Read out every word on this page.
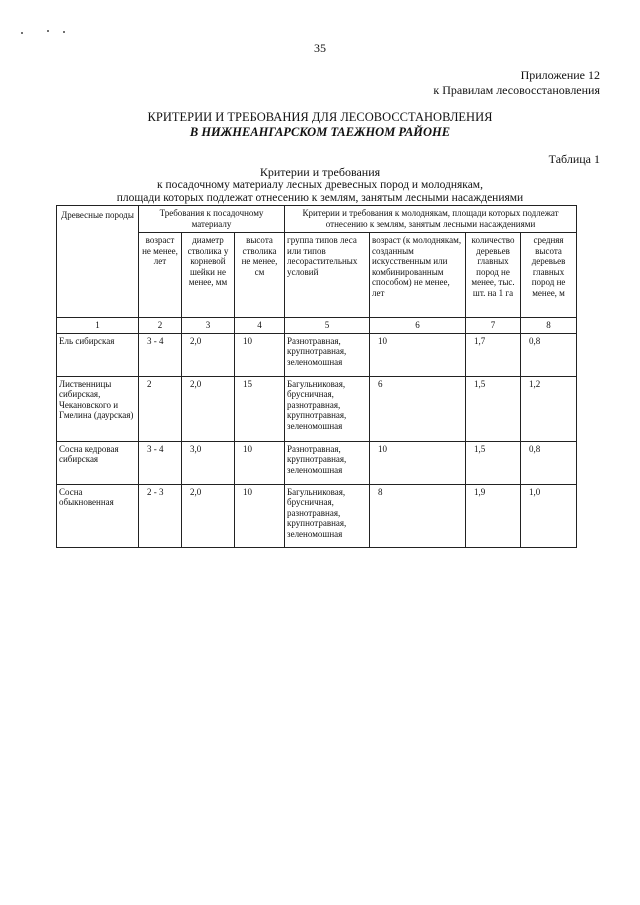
35
Приложение 12
к Правилам лесовосстановления
КРИТЕРИИ И ТРЕБОВАНИЯ ДЛЯ ЛЕСОВОССТАНОВЛЕНИЯ
В НИЖНЕАНГАРСКОМ ТАЕЖНОМ РАЙОНЕ
Таблица 1
Критерии и требования
к посадочному материалу лесных древесных пород и молоднякам,
площади которых подлежат отнесению к землям, занятым лесными насаждениями
Древесные породы	Требования к посадочному материалу			Критерии и требования к молоднякам, площади которых подлежат отнесению к землям, занятым лесными насаждениями			
	возраст не менее, лет	диаметр стволика у корневой шейки не менее, мм	высота стволика не менее, см	группа типов леса или типов лесорастительных условий	возраст (к молоднякам, созданным искусственным или комбинированным способом) не менее, лет	количество деревьев главных пород не менее, тыс. шт. на 1 га	средняя высота деревьев главных пород не менее, м
1	2	3	4	5	6	7	8
Ель сибирская	3 - 4	2,0	10	Разнотравная, крупнотравная, зеленомошная	10	1,7	0,8
Лиственницы сибирская, Чекановского и Гмелина (даурская)	2	2,0	15	Багульниковая, брусничная, разнотравная, крупнотравная, зеленомошная	6	1,5	1,2
Сосна кедровая сибирская	3 - 4	3,0	10	Разнотравная, крупнотравная, зеленомошная	10	1,5	0,8
Сосна обыкновенная	2 - 3	2,0	10	Багульниковая, брусничная, разнотравная, крупнотравная, зеленомошная	8	1,9	1,0
